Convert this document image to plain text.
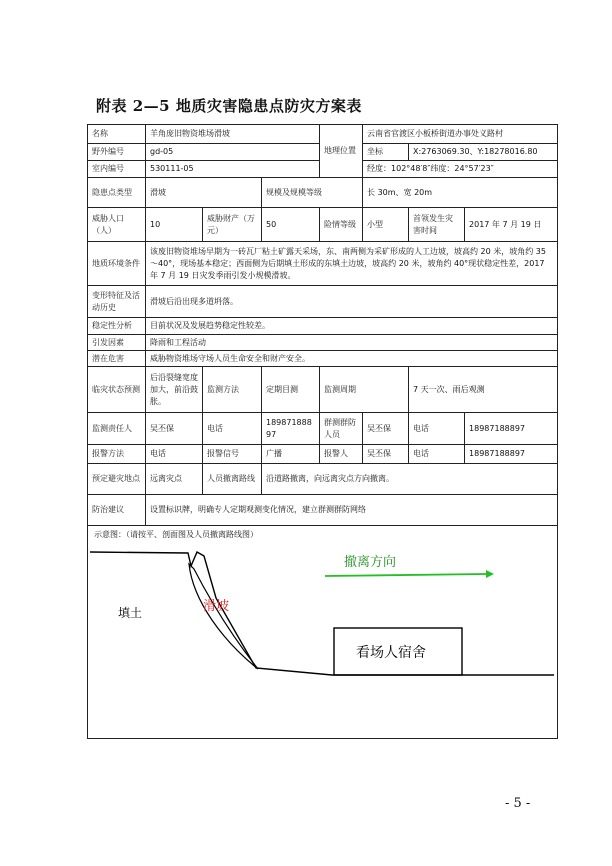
附表 2—5 地质灾害隐患点防灾方案表
名称	羊角庞旧物资堆场滑坡			地理位置	云南省官渡区小板桥街道办事处义路村		
野外编号	gd-05				坐标	X:2763069.30、Y:18278016.80	
室内编号	530111-05				经度：102°48′8″纬度：24°57′23″		
隐患点类型	滑坡		规模及规模等级		长 30m、宽 20m		
威胁人口（人）	10	威胁财产（万元）	50	险情等级	小型	首领发生灾害时间	2017 年 7 月 19 日
地质环境条件	该废旧物资堆场早期为一砖瓦厂粘土矿露天采场，东、南两侧为采矿形成的人工边坡，坡高约 20 米，坡角约 35～40°，现场基本稳定；西面侧为后期填土形成的东填土边坡，坡高约 20 米，坡角约 40°现状稳定性差，2017 年 7 月 19 日灾发季雨引发小规模滑坡。						
变形特征及活动历史	滑坡后沿出现多道坍落。						
稳定性分析	目前状况及发展趋势稳定性较差。						
引发因素	降雨和工程活动						
潜在危害	威胁物资堆场守场人员生命安全和财产安全。						
临灾状态预测	后沿裂缝宽度加大，前沿鼓胀。	监测方法	定期目测	监测周期		7 天一次、雨后观测	
监测责任人	吴丕保	电话	18987188897	群测群防人员	吴丕保	电话	18987188897
报警方法	电话	报警信号	广播	报警人	吴丕保	电话	18987188897
预定避灾地点	远离灾点	人员撤离路线	沿道路撤离，向远离灾点方向撤离。				
防治建议	设置标识牌，明确专人定期观测变化情况，建立群测群防网络						

示意图：（请按平、剖面图及人员撤离路线图）
填土 滑坡
撤离方向
看场人宿舍							
- 5 -
